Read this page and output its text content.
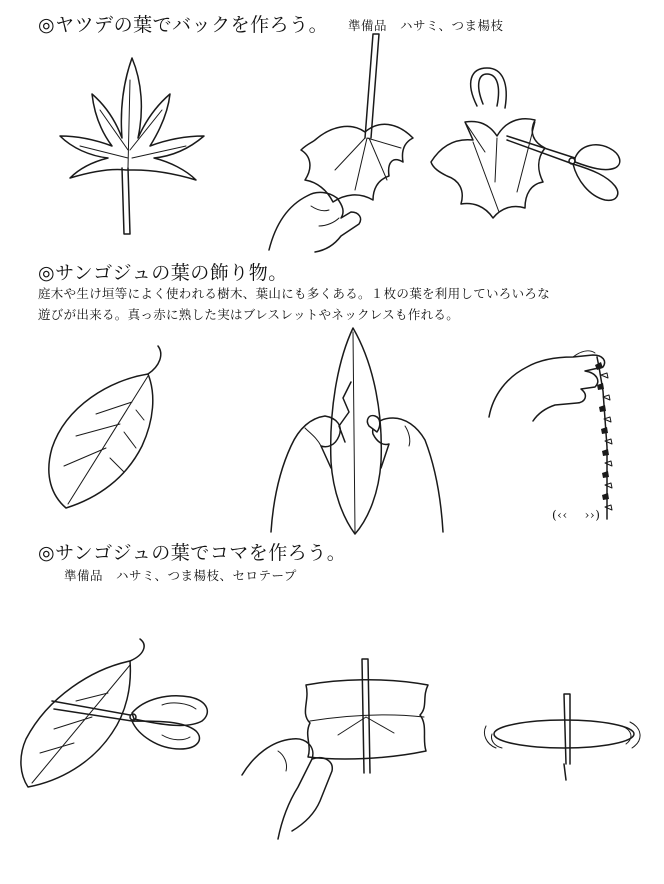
◎ヤツデの葉でバックを作ろう。 準備品　ハサミ、つま楊枝
◎サンゴジュの葉の飾り物。
庭木や生け垣等によく使われる樹木、葉山にも多くある。１枚の葉を利用していろいろな
遊びが出来る。真っ赤に熟した実はブレスレットやネックレスも作れる。
(‹‹　 ››)
◎サンゴジュの葉でコマを作ろう。
準備品　ハサミ、つま楊枝、セロテープ
